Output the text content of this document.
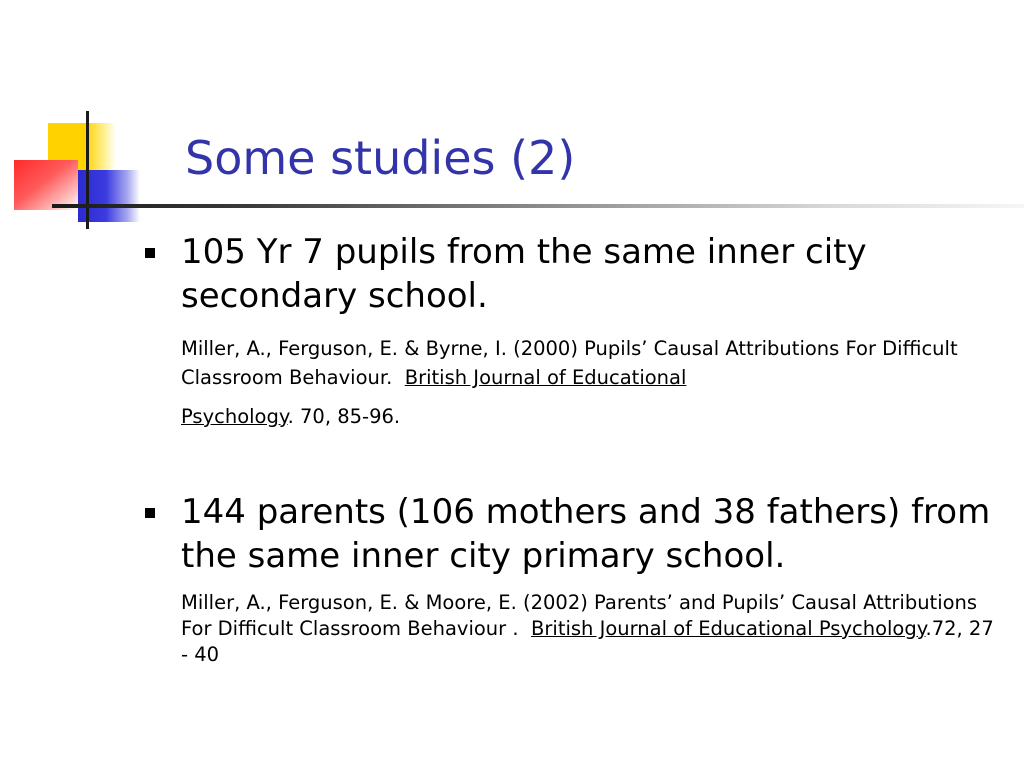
Some studies (2)
105 Yr 7 pupils from the same inner city secondary school.
Miller, A., Ferguson, E. & Byrne, I. (2000) Pupils’ Causal Attributions For Difficult Classroom Behaviour. British Journal of Educational
Psychology. 70, 85-96.
144 parents (106 mothers and 38 fathers) from the same inner city primary school.
Miller, A., Ferguson, E. & Moore, E. (2002) Parents’ and Pupils’ Causal Attributions For Difficult Classroom Behaviour . British Journal of Educational Psychology.72, 27 - 40
